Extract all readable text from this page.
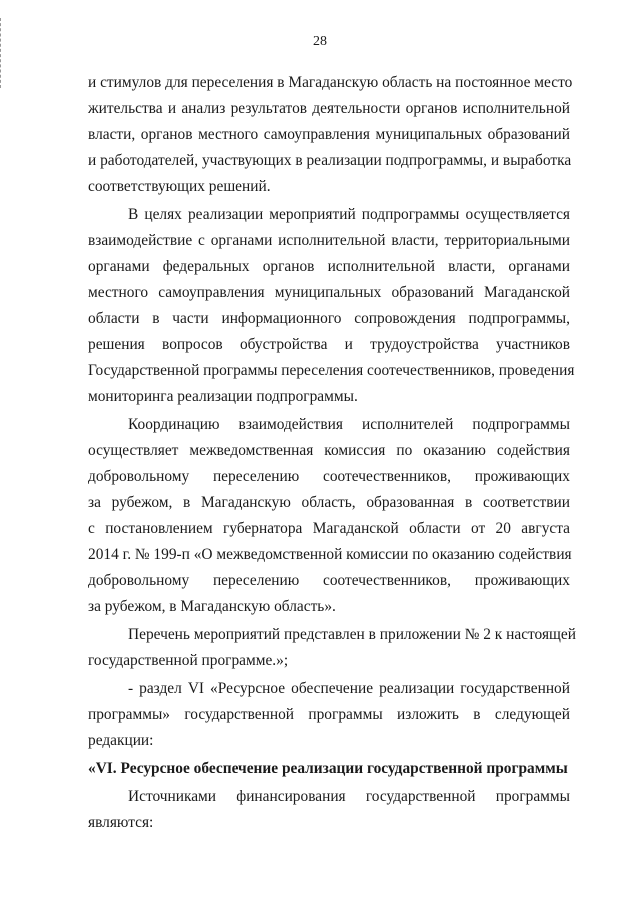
28
и стимулов для переселения в Магаданскую область на постоянное место
жительства и анализ результатов деятельности органов исполнительной
власти, органов местного самоуправления муниципальных образований
и работодателей, участвующих в реализации подпрограммы, и выработка
соответствующих решений.
В целях реализации мероприятий подпрограммы осуществляется
взаимодействие с органами исполнительной власти, территориальными
органами федеральных органов исполнительной власти, органами
местного самоуправления муниципальных образований Магаданской
области в части информационного сопровождения подпрограммы,
решения вопросов обустройства и трудоустройства участников
Государственной программы переселения соотечественников, проведения
мониторинга реализации подпрограммы.
Координацию взаимодействия исполнителей подпрограммы
осуществляет межведомственная комиссия по оказанию содействия
добровольному переселению соотечественников, проживающих
за рубежом, в Магаданскую область, образованная в соответствии
с постановлением губернатора Магаданской области от 20 августа
2014 г. № 199-п «О межведомственной комиссии по оказанию содействия
добровольному переселению соотечественников, проживающих
за рубежом, в Магаданскую область».
Перечень мероприятий представлен в приложении № 2 к настоящей
государственной программе.»;
- раздел VI «Ресурсное обеспечение реализации государственной
программы» государственной программы изложить в следующей
редакции:
«VI. Ресурсное обеспечение реализации государственной программы
Источниками финансирования государственной программы
являются:
